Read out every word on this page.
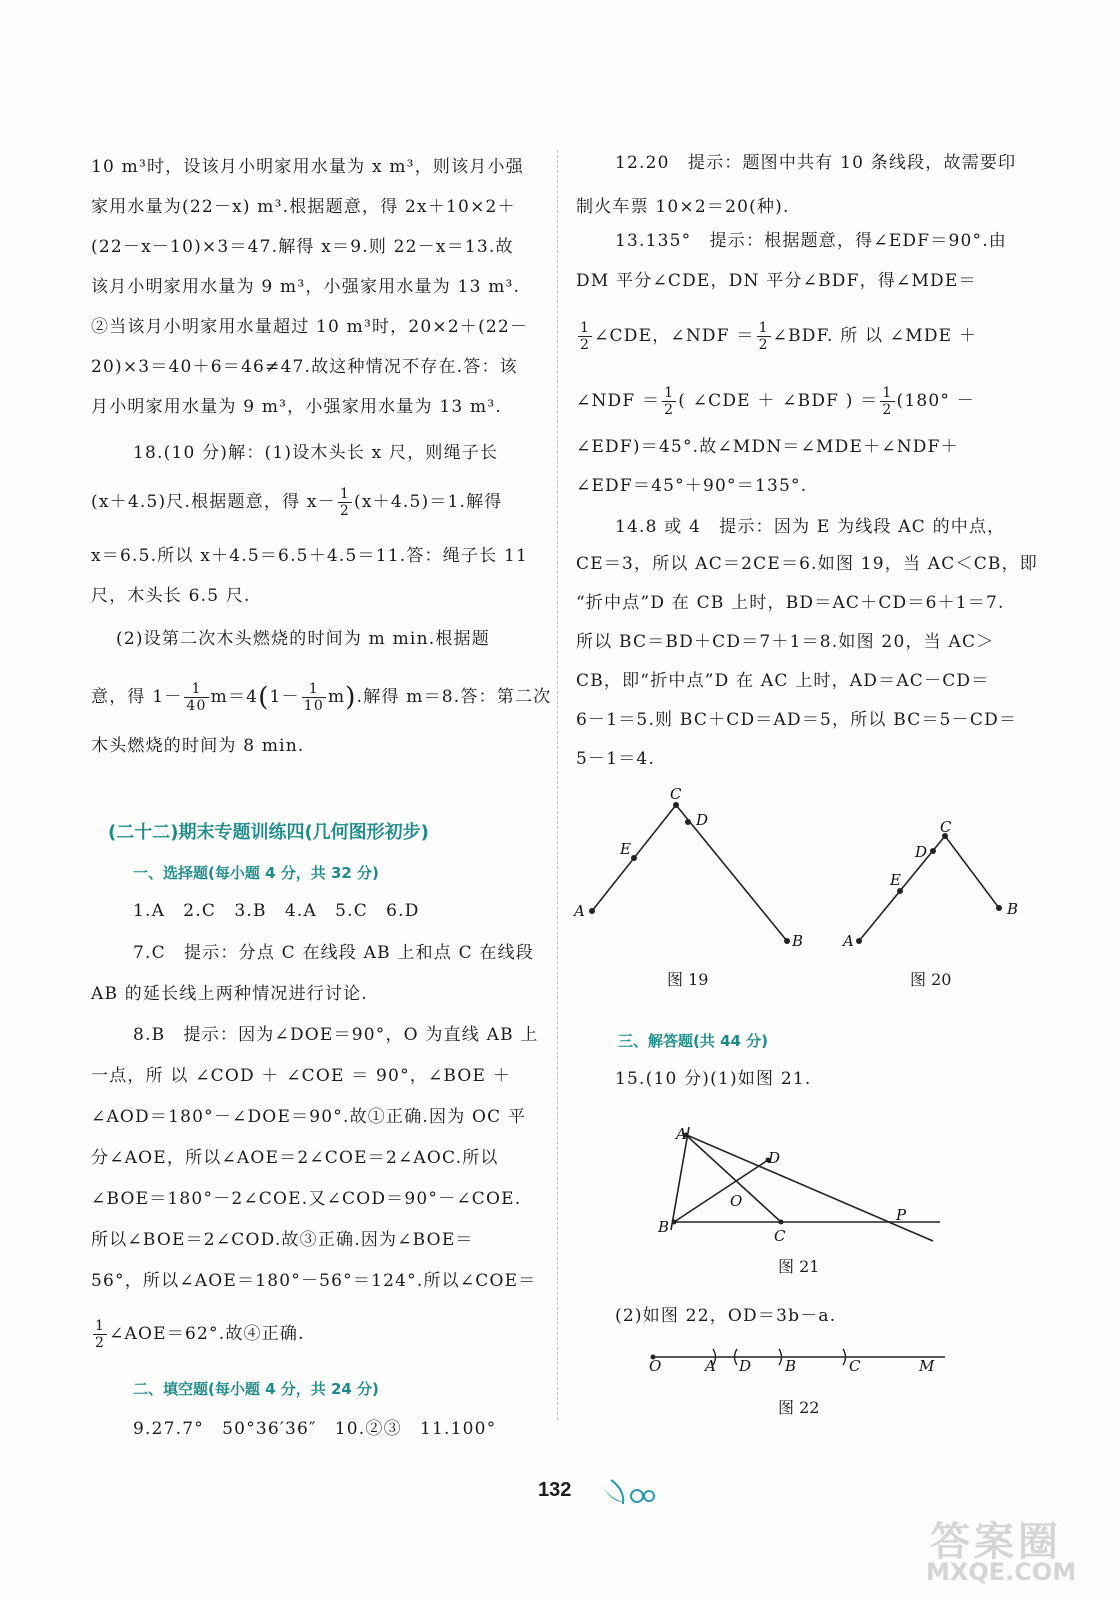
10 m³时，设该月小明家用水量为 x m³，则该月小强
家用水量为(22－x) m³.根据题意，得 2x＋10×2＋
(22－x－10)×3＝47.解得 x＝9.则 22－x＝13.故
该月小明家用水量为 9 m³，小强家用水量为 13 m³.
②当该月小明家用水量超过 10 m³时，20×2＋(22－
20)×3＝40＋6＝46≠47.故这种情况不存在.答：该
月小明家用水量为 9 m³，小强家用水量为 13 m³.
18.(10 分)解：(1)设木头长 x 尺，则绳子长
(x＋4.5)尺.根据题意，得 $x- \frac{1}{2} (x+4.5)=1$.解得
x＝6.5.所以 x＋4.5＝6.5＋4.5＝11.答：绳子长 11
尺，木头长 6.5 尺.
(2)设第二次木头燃烧的时间为 m min.根据题
意，得 $1- \frac{1}{40} m=4(1- \frac{1}{10} m)$.解得 m＝8.答：第二次
木头燃烧的时间为 8 min.
(二十二)期末专题训练四(几何图形初步)
一、选择题(每小题 4 分，共 32 分)
1.A　2.C　3.B　4.A　5.C　6.D
7.C　提示：分点 C 在线段 AB 上和点 C 在线段
AB 的延长线上两种情况进行讨论.
8.B　提示：因为∠DOE＝90°，O 为直线 AB 上
一点，所 以 ∠COD ＋ ∠COE ＝ 90°，∠BOE ＋
∠AOD＝180°－∠DOE＝90°.故①正确.因为 OC 平
分∠AOE，所以∠AOE＝2∠COE＝2∠AOC.所以
∠BOE＝180°－2∠COE.又∠COD＝90°－∠COE.
所以∠BOE＝2∠COD.故③正确.因为∠BOE＝
56°，所以∠AOE＝180°－56°＝124°.所以∠COE＝
$\frac{1}{2}$ ∠AOE＝62°.故④正确.
二、填空题(每小题 4 分，共 24 分)
9.27.7°　50°36′36″　10.②③　11.100°
12.20　提示：题图中共有 10 条线段，故需要印
制火车票 10×2＝20(种).
13.135°　提示：根据题意，得∠EDF＝90°.由
DM 平分∠CDE，DN 平分∠BDF，得∠MDE＝
$\frac{1}{2}$ ∠CDE，∠NDF ＝ $\frac{1}{2}$ ∠BDF. 所 以 ∠MDE ＋
∠NDF ＝ $\frac{1}{2}$ ( ∠CDE ＋ ∠BDF ) ＝ $\frac{1}{2} (180^\circ$ －
∠EDF)＝45°.故∠MDN＝∠MDE＋∠NDF＋
∠EDF＝45°＋90°＝135°.
14.8 或 4　提示：因为 E 为线段 AC 的中点，
CE＝3，所以 AC＝2CE＝6.如图 19，当 AC＜CB，即
“折中点”D 在 CB 上时，BD＝AC＋CD＝6＋1＝7.
所以 BC＝BD＋CD＝7＋1＝8.如图 20，当 AC＞
CB，即“折中点”D 在 AC 上时，AD＝AC－CD＝
6－1＝5.则 BC＋CD＝AD＝5，所以 BC＝5－CD＝
5－1＝4.
C
D
E
A
B
图 19
C
D
E
A
B
图 20
三、解答题(共 44 分)
15.(10 分)(1)如图 21.
A
D
O
B	C
P
图 21
(2)如图 22，OD＝3b－a.
O	A D B	C	M
图 22
132
答案圈
MXQE.COM
